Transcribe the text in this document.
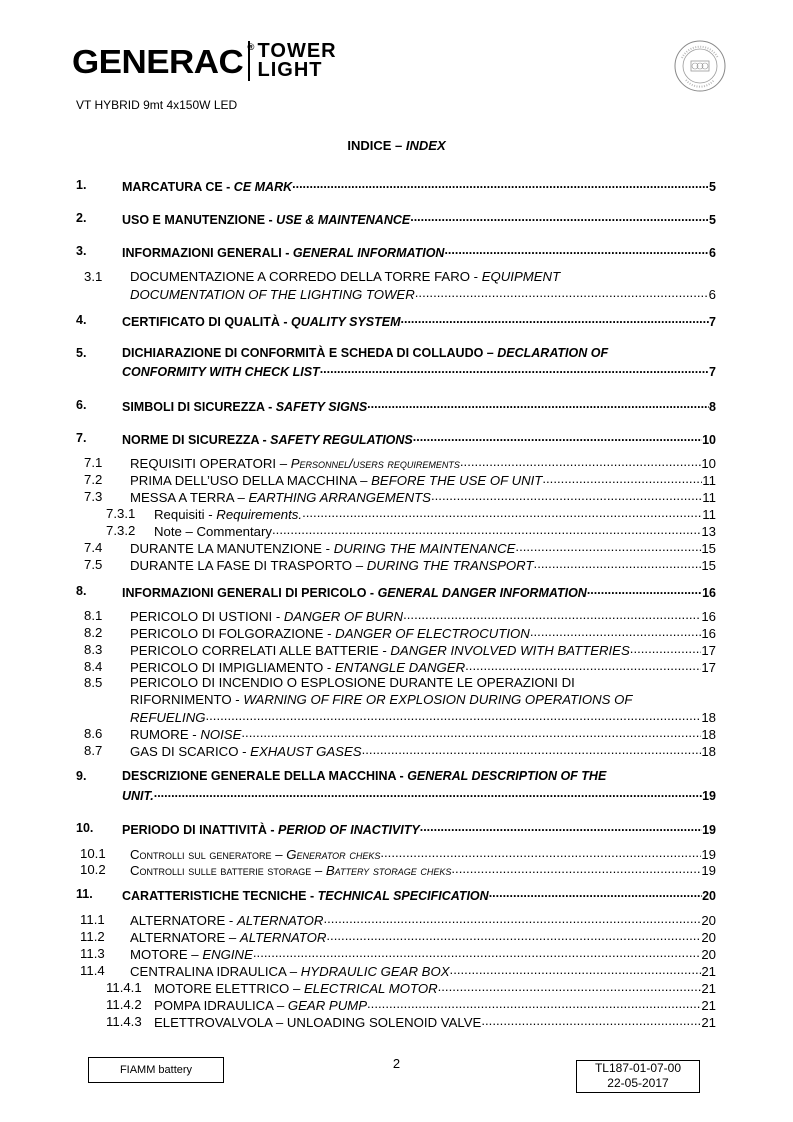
GENERAC ® TOWER
LIGHT
VT HYBRID 9mt 4x150W LED
INDICE – INDEX
1.	MARCATURA CE - CE MARK .....	5
2.	USO E MANUTENZIONE - USE & MAINTENANCE .....	5
3.	INFORMAZIONI GENERALI - GENERAL INFORMATION .....	6
3.1 DOCUMENTAZIONE A CORREDO DELLA TORRE FARO - EQUIPMENT
DOCUMENTATION OF THE LIGHTING TOWER .....	6
4.	CERTIFICATO DI QUALITÀ - QUALITY SYSTEM .....	7
5.	DICHIARAZIONE DI CONFORMITÀ E SCHEDA DI COLLAUDO – DECLARATION OF
CONFORMITY WITH CHECK LIST .....	7
6.	SIMBOLI DI SICUREZZA - SAFETY SIGNS .....	8
7.	NORME DI SICUREZZA - SAFETY REGULATIONS .....	10
7.1 REQUISITI OPERATORI – Personnel/users requirements .....	10
7.2 PRIMA DELL’USO DELLA MACCHINA – BEFORE THE USE OF UNIT .....	11
7.3 MESSA A TERRA – EARTHING ARRANGEMENTS .....	11
7.3.1 Requisiti - Requirements. .....	11
7.3.2 Note – Commentary .....	13
7.4 DURANTE LA MANUTENZIONE - DURING THE MAINTENANCE .....	15
7.5 DURANTE LA FASE DI TRASPORTO – DURING THE TRANSPORT .....	15
8.	INFORMAZIONI GENERALI DI PERICOLO - GENERAL DANGER INFORMATION .....	16
8.1 PERICOLO DI USTIONI - DANGER OF BURN .....	16
8.2 PERICOLO DI FOLGORAZIONE - DANGER OF ELECTROCUTION .....	16
8.3 PERICOLO CORRELATI ALLE BATTERIE - DANGER INVOLVED WITH BATTERIES .....	17
8.4 PERICOLO DI IMPIGLIAMENTO - ENTANGLE DANGER .....	17
8.5 PERICOLO DI INCENDIO O ESPLOSIONE DURANTE LE OPERAZIONI DI
RIFORNIMENTO - WARNING OF FIRE OR EXPLOSION DURING OPERATIONS OF
REFUELING .....	18
8.6 RUMORE - NOISE .....	18
8.7 GAS DI SCARICO - EXHAUST GASES .....	18
9.	DESCRIZIONE GENERALE DELLA MACCHINA - GENERAL DESCRIPTION OF THE
UNIT. .....	19
10. PERIODO DI INATTIVITÀ - PERIOD OF INACTIVITY .....	19
10.1 Controlli sul generatore – Generator cheks .....	19
10.2 Controlli sulle batterie storage – Battery storage cheks .....	19
11. CARATTERISTICHE TECNICHE - TECHNICAL SPECIFICATION .....	20
11.1 ALTERNATORE - ALTERNATOR .....	20
11.2 ALTERNATORE – ALTERNATOR .....	20
11.3 MOTORE – ENGINE .....	20
11.4 CENTRALINA IDRAULICA – HYDRAULIC GEAR BOX .....	21
11.4.1 MOTORE ELETTRICO – ELECTRICAL MOTOR .....	21
11.4.2 POMPA IDRAULICA – GEAR PUMP .....	21
11.4.3 ELETTROVALVOLA – UNLOADING SOLENOID VALVE .....	21
FIAMM battery	2	TL187-01-07-00
22-05-2017
